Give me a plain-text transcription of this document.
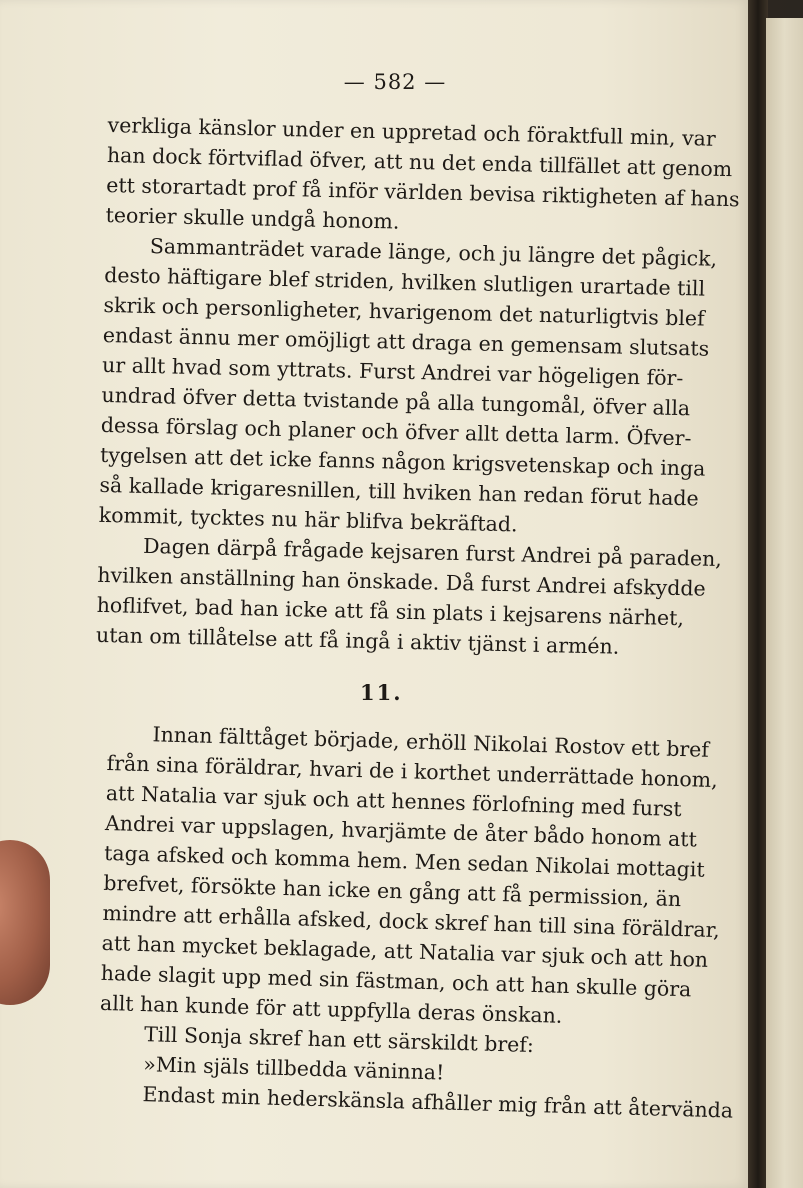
— 582 —
verkliga känslor under en uppretad och föraktfull min, var
han dock förtviflad öfver, att nu det enda tillfället att genom
ett storartadt prof få inför världen bevisa riktigheten af hans
teorier skulle undgå honom.
Sammanträdet varade länge, och ju längre det pågick,
desto häftigare blef striden, hvilken slutligen urartade till
skrik och personligheter, hvarigenom det naturligtvis blef
endast ännu mer omöjligt att draga en gemensam slutsats
ur allt hvad som yttrats. Furst Andrei var högeligen för-
undrad öfver detta tvistande på alla tungomål, öfver alla
dessa förslag och planer och öfver allt detta larm. Öfver-
tygelsen att det icke fanns någon krigsvetenskap och inga
så kallade krigaresnillen, till hviken han redan förut hade
kommit, tycktes nu här blifva bekräftad.
Dagen därpå frågade kejsaren furst Andrei på paraden,
hvilken anställning han önskade. Då furst Andrei afskydde
hoflifvet, bad han icke att få sin plats i kejsarens närhet,
utan om tillåtelse att få ingå i aktiv tjänst i armén.
11.
Innan fälttåget började, erhöll Nikolai Rostov ett bref
från sina föräldrar, hvari de i korthet underrättade honom,
att Natalia var sjuk och att hennes förlofning med furst
Andrei var uppslagen, hvarjämte de åter bådo honom att
taga afsked och komma hem. Men sedan Nikolai mottagit
brefvet, försökte han icke en gång att få permission, än
mindre att erhålla afsked, dock skref han till sina föräldrar,
att han mycket beklagade, att Natalia var sjuk och att hon
hade slagit upp med sin fästman, och att han skulle göra
allt han kunde för att uppfylla deras önskan.
Till Sonja skref han ett särskildt bref:
»Min själs tillbedda väninna!
Endast min hederskänsla afhåller mig från att återvända
